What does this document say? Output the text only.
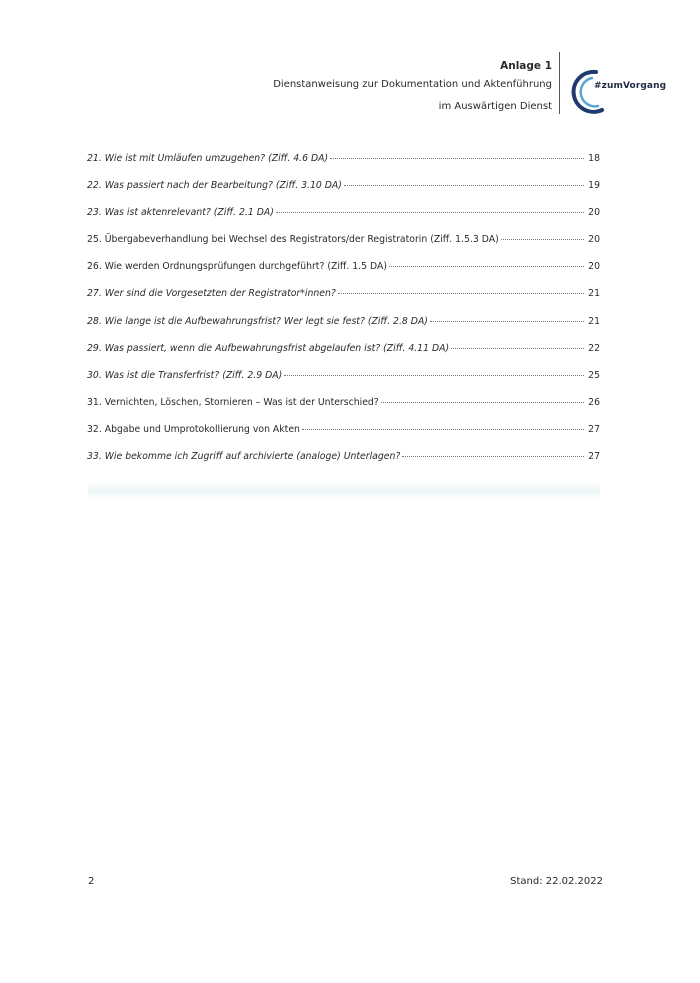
Anlage 1
Dienstanweisung zur Dokumentation und Aktenführung
im Auswärtigen Dienst
#zumVorgang
21. Wie ist mit Umläufen umzugehen? (Ziff. 4.6 DA)	18
22. Was passiert nach der Bearbeitung? (Ziff. 3.10 DA)	19
23. Was ist aktenrelevant? (Ziff. 2.1 DA)	20
25. Übergabeverhandlung bei Wechsel des Registrators/der Registratorin (Ziff. 1.5.3 DA)	20
26. Wie werden Ordnungsprüfungen durchgeführt? (Ziff. 1.5 DA)	20
27. Wer sind die Vorgesetzten der Registrator*innen?	21
28. Wie lange ist die Aufbewahrungsfrist? Wer legt sie fest? (Ziff. 2.8 DA)	21
29. Was passiert, wenn die Aufbewahrungsfrist abgelaufen ist? (Ziff. 4.11 DA)	22
30. Was ist die Transferfrist? (Ziff. 2.9 DA)	25
31. Vernichten, Löschen, Stornieren – Was ist der Unterschied?	26
32. Abgabe und Umprotokollierung von Akten	27
33. Wie bekomme ich Zugriff auf archivierte (analoge) Unterlagen?	27
2	Stand: 22.02.2022
